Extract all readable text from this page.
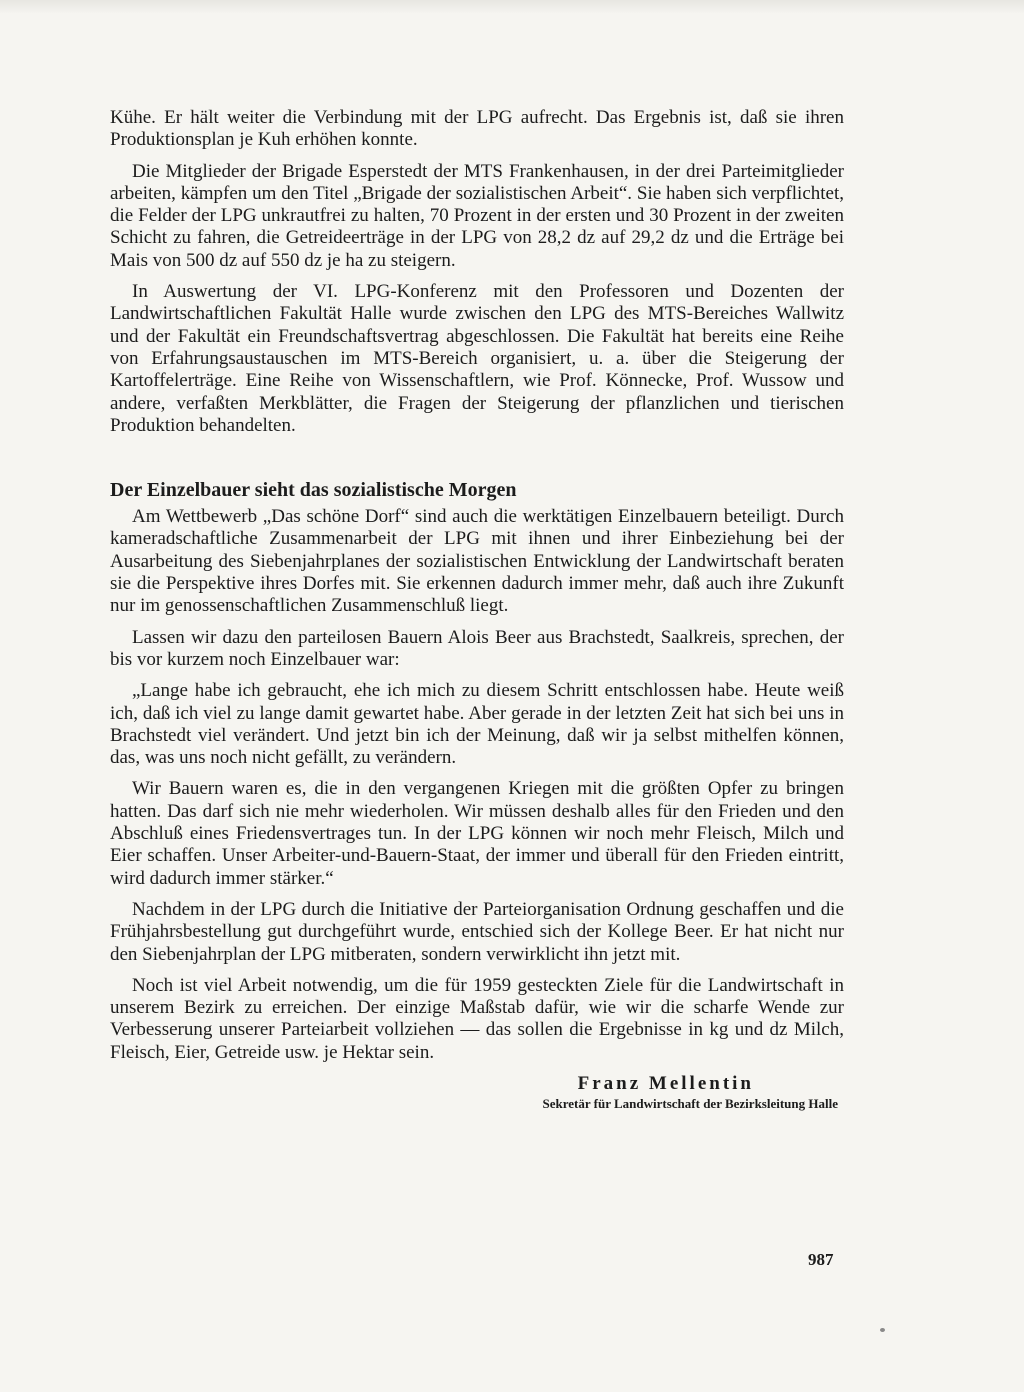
Kühe. Er hält weiter die Verbindung mit der LPG aufrecht. Das Ergebnis ist, daß sie ihren Produktionsplan je Kuh erhöhen konnte.

Die Mitglieder der Brigade Esperstedt der MTS Frankenhausen, in der drei Parteimitglieder arbeiten, kämpfen um den Titel „Brigade der sozialistischen Arbeit“. Sie haben sich verpflichtet, die Felder der LPG unkrautfrei zu halten, 70 Prozent in der ersten und 30 Prozent in der zweiten Schicht zu fahren, die Getreideerträge in der LPG von 28,2 dz auf 29,2 dz und die Erträge bei Mais von 500 dz auf 550 dz je ha zu steigern.

In Auswertung der VI. LPG-Konferenz mit den Professoren und Dozenten der Landwirtschaftlichen Fakultät Halle wurde zwischen den LPG des MTS-Bereiches Wallwitz und der Fakultät ein Freundschaftsvertrag abgeschlossen. Die Fakultät hat bereits eine Reihe von Erfahrungsaustauschen im MTS-Bereich organisiert, u. a. über die Steigerung der Kartoffelerträge. Eine Reihe von Wissenschaftlern, wie Prof. Könnecke, Prof. Wussow und andere, verfaßten Merkblätter, die Fragen der Steigerung der pflanzlichen und tierischen Produktion behandelten.

Der Einzelbauer sieht das sozialistische Morgen

Am Wettbewerb „Das schöne Dorf“ sind auch die werktätigen Einzelbauern beteiligt. Durch kameradschaftliche Zusammenarbeit der LPG mit ihnen und ihrer Einbeziehung bei der Ausarbeitung des Siebenjahrplanes der sozialistischen Entwicklung der Landwirtschaft beraten sie die Perspektive ihres Dorfes mit. Sie erkennen dadurch immer mehr, daß auch ihre Zukunft nur im genossenschaftlichen Zusammenschluß liegt.

Lassen wir dazu den parteilosen Bauern Alois Beer aus Brachstedt, Saalkreis, sprechen, der bis vor kurzem noch Einzelbauer war:

„Lange habe ich gebraucht, ehe ich mich zu diesem Schritt entschlossen habe. Heute weiß ich, daß ich viel zu lange damit gewartet habe. Aber gerade in der letzten Zeit hat sich bei uns in Brachstedt viel verändert. Und jetzt bin ich der Meinung, daß wir ja selbst mithelfen können, das, was uns noch nicht gefällt, zu verändern.

Wir Bauern waren es, die in den vergangenen Kriegen mit die größten Opfer zu bringen hatten. Das darf sich nie mehr wiederholen. Wir müssen deshalb alles für den Frieden und den Abschluß eines Friedensvertrages tun. In der LPG können wir noch mehr Fleisch, Milch und Eier schaffen. Unser Arbeiter-und-Bauern-Staat, der immer und überall für den Frieden eintritt, wird dadurch immer stärker.“

Nachdem in der LPG durch die Initiative der Parteiorganisation Ordnung geschaffen und die Frühjahrsbestellung gut durchgeführt wurde, entschied sich der Kollege Beer. Er hat nicht nur den Siebenjahrplan der LPG mitberaten, sondern verwirklicht ihn jetzt mit.

Noch ist viel Arbeit notwendig, um die für 1959 gesteckten Ziele für die Landwirtschaft in unserem Bezirk zu erreichen. Der einzige Maßstab dafür, wie wir die scharfe Wende zur Verbesserung unserer Parteiarbeit vollziehen — das sollen die Ergebnisse in kg und dz Milch, Fleisch, Eier, Getreide usw. je Hektar sein.

Franz Mellentin
Sekretär für Landwirtschaft der Bezirksleitung Halle
987
